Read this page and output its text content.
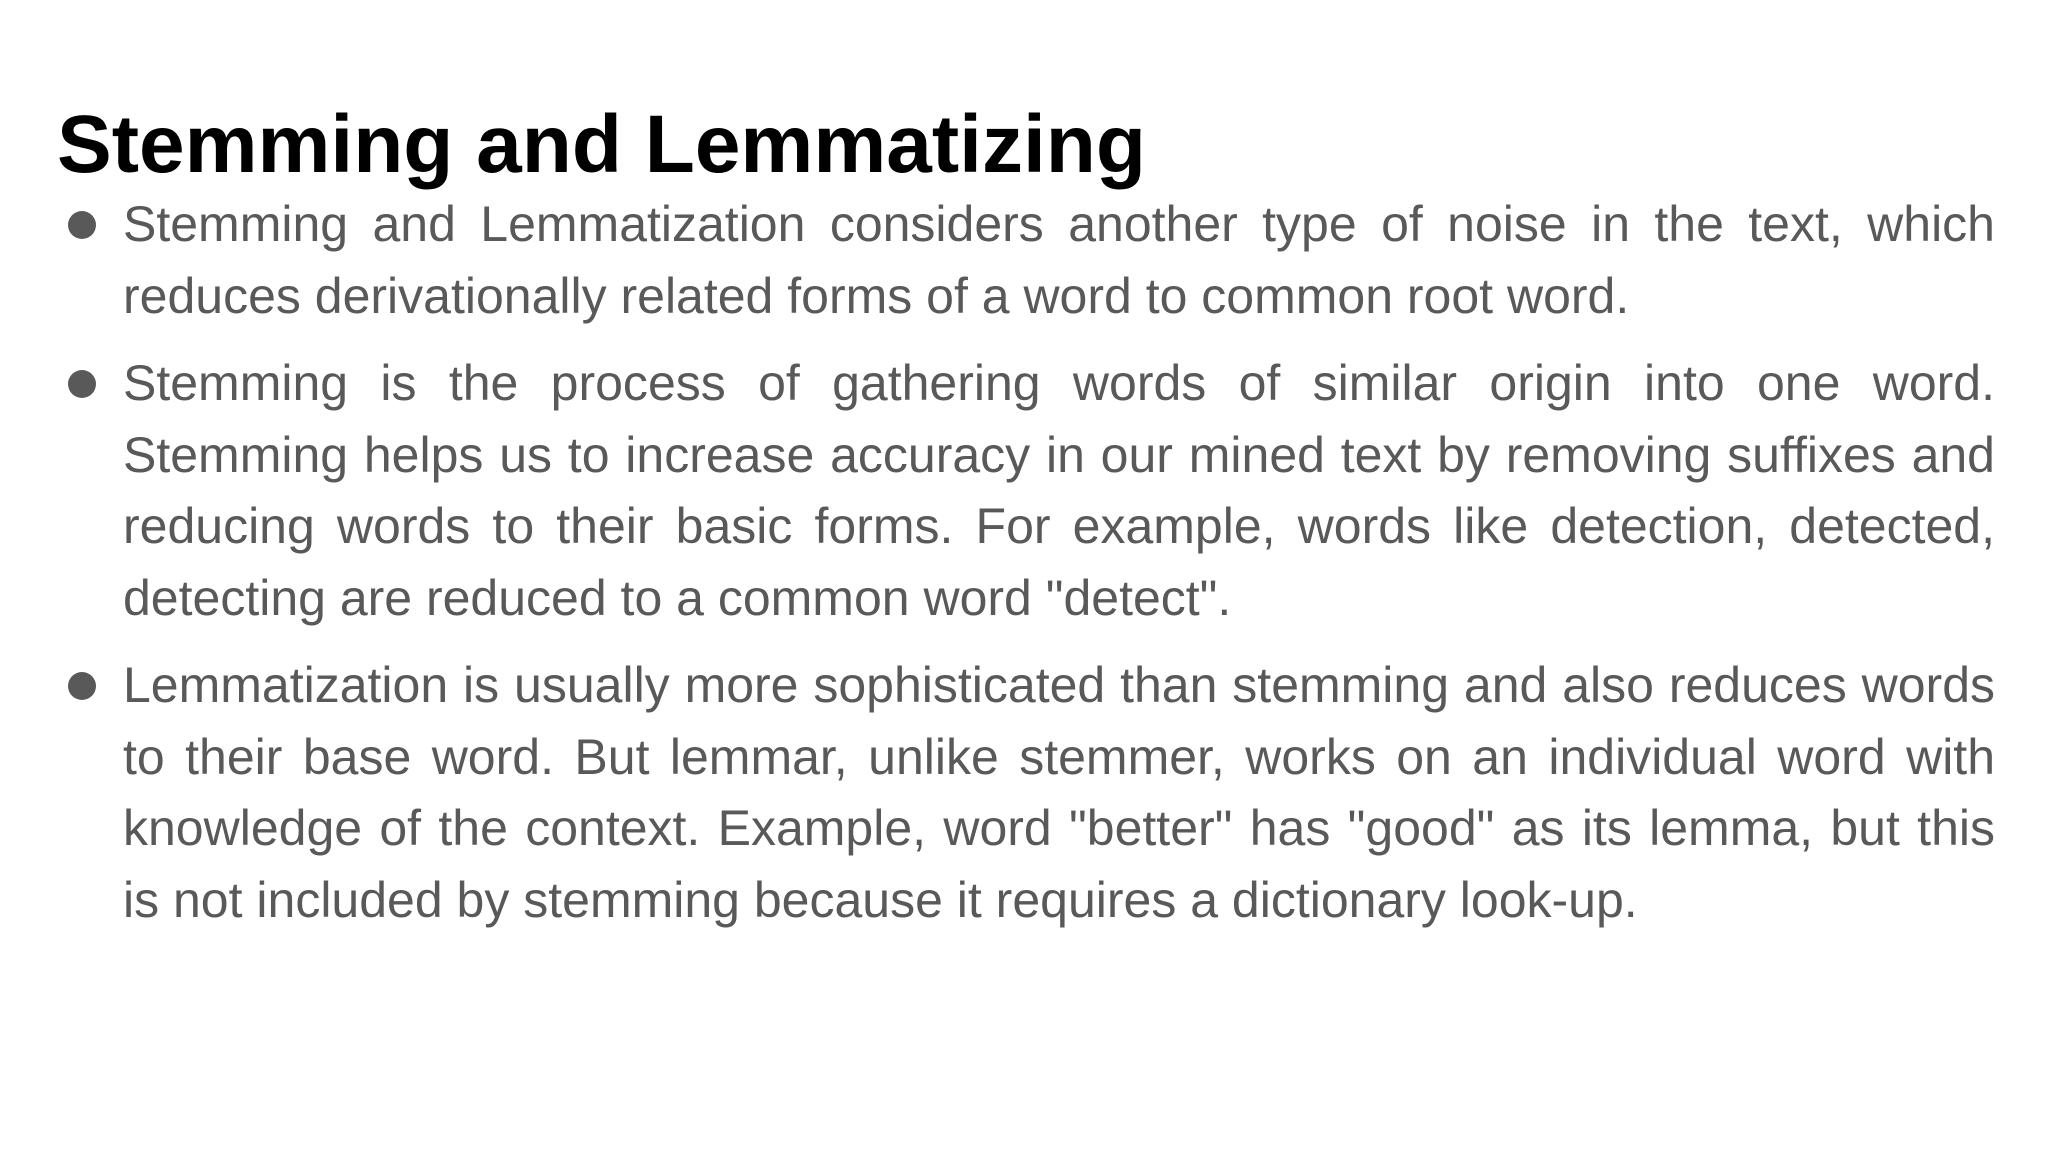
Stemming and Lemmatizing
Stemming and Lemmatization considers another type of noise in the text, which reduces derivationally related forms of a word to common root word.
Stemming is the process of gathering words of similar origin into one word. Stemming helps us to increase accuracy in our mined text by removing suffixes and reducing words to their basic forms. For example, words like detection, detected, detecting are reduced to a common word "detect".
Lemmatization is usually more sophisticated than stemming and also reduces words to their base word. But lemmar, unlike stemmer, works on an individual word with knowledge of the context. Example, word "better" has "good" as its lemma, but this is not included by stemming because it requires a dictionary look-up.
